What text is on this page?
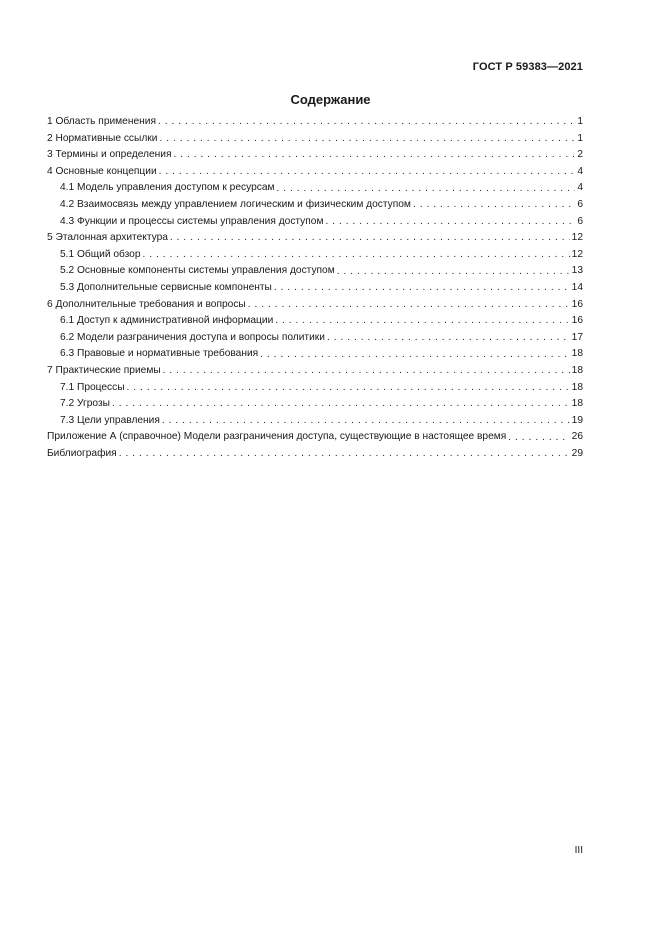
ГОСТ Р 59383—2021
Содержание
1 Область применения . . .	1
2 Нормативные ссылки . . .	1
3 Термины и определения . . .	2
4 Основные концепции . . .	4
4.1 Модель управления доступом к ресурсам . . .	4
4.2 Взаимосвязь между управлением логическим и физическим доступом . . .	6
4.3 Функции и процессы системы управления доступом . . .	6
5 Эталонная архитектура . . .	12
5.1 Общий обзор . . .	12
5.2 Основные компоненты системы управления доступом . . .	13
5.3 Дополнительные сервисные компоненты . . .	14
6 Дополнительные требования и вопросы . . .	16
6.1 Доступ к административной информации . . .	16
6.2 Модели разграничения доступа и вопросы политики . . .	17
6.3 Правовые и нормативные требования . . .	18
7 Практические приемы . . .	18
7.1 Процессы . . .	18
7.2 Угрозы . . .	18
7.3 Цели управления . . .	19
Приложение А (справочное) Модели разграничения доступа, существующие в настоящее время . . .	26
Библиография . . .	29
III
